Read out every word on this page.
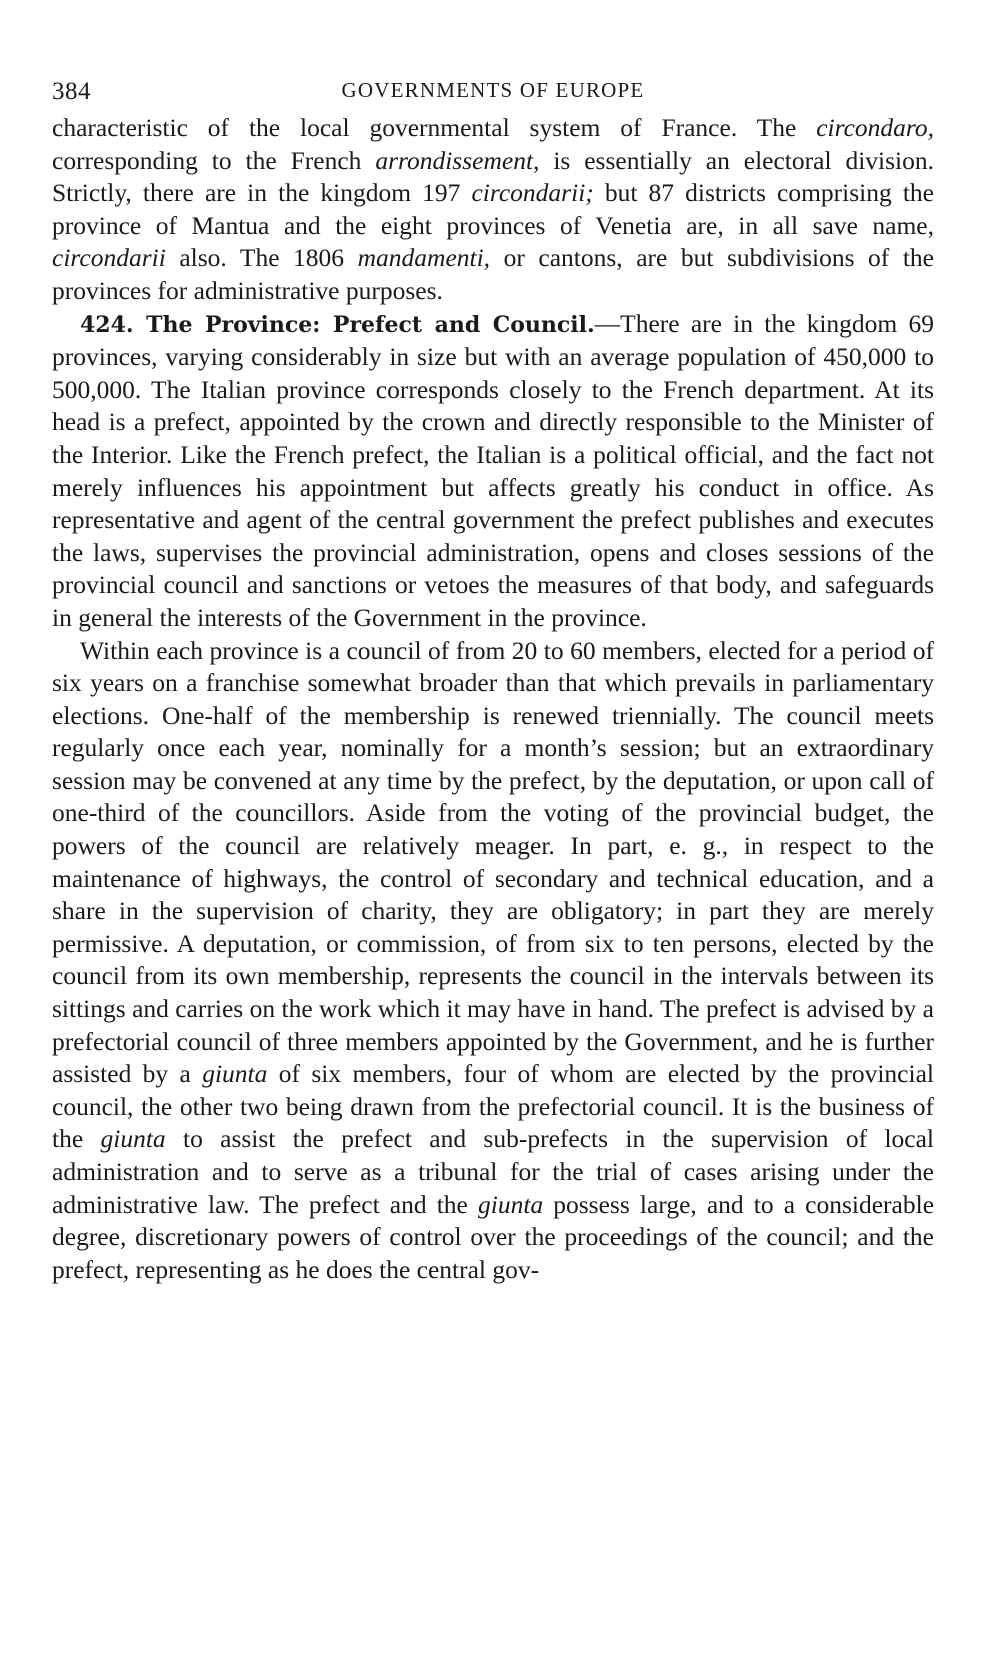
384	GOVERNMENTS OF EUROPE

characteristic of the local governmental system of France. The circondaro, corresponding to the French arrondissement, is essentially an electoral division. Strictly, there are in the kingdom 197 circondarii; but 87 districts comprising the province of Mantua and the eight provinces of Venetia are, in all save name, circondarii also. The 1806 mandamenti, or cantons, are but subdivisions of the provinces for administrative purposes.

424. The Province: Prefect and Council.—There are in the kingdom 69 provinces, varying considerably in size but with an average population of 450,000 to 500,000. The Italian province corresponds closely to the French department. At its head is a prefect, appointed by the crown and directly responsible to the Minister of the Interior. Like the French prefect, the Italian is a political official, and the fact not merely influences his appointment but affects greatly his conduct in office. As representative and agent of the central government the prefect publishes and executes the laws, supervises the provincial administration, opens and closes sessions of the provincial council and sanctions or vetoes the measures of that body, and safeguards in general the interests of the Government in the province.

Within each province is a council of from 20 to 60 members, elected for a period of six years on a franchise somewhat broader than that which prevails in parliamentary elections. One-half of the membership is renewed triennially. The council meets regularly once each year, nominally for a month’s session; but an extraordinary session may be convened at any time by the prefect, by the deputation, or upon call of one-third of the councillors. Aside from the voting of the provincial budget, the powers of the council are relatively meager. In part, e. g., in respect to the maintenance of highways, the control of secondary and technical education, and a share in the supervision of charity, they are obligatory; in part they are merely permissive. A deputation, or commission, of from six to ten persons, elected by the council from its own membership, represents the council in the intervals between its sittings and carries on the work which it may have in hand. The prefect is advised by a prefectorial council of three members appointed by the Government, and he is further assisted by a giunta of six members, four of whom are elected by the provincial council, the other two being drawn from the prefectorial council. It is the business of the giunta to assist the prefect and sub-prefects in the supervision of local administration and to serve as a tribunal for the trial of cases arising under the administrative law. The prefect and the giunta possess large, and to a considerable degree, discretionary powers of control over the proceedings of the council; and the prefect, representing as he does the central gov-
